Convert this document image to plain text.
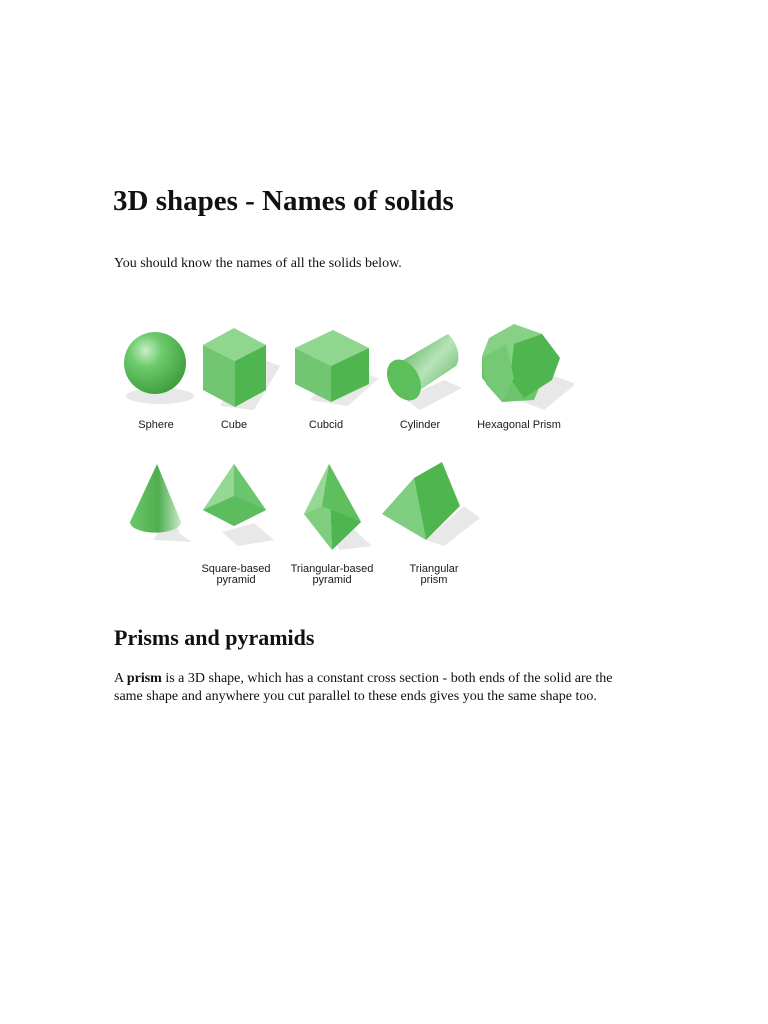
3D shapes - Names of solids

You should know the names of all the solids below.

Sphere	Cube	Cubcid	Cylinder	Hexagonal Prism
Square-based
pyramid
Triangular-based
pyramid
Triangular
prism
Prisms and pyramids

A prism is a 3D shape, which has a constant cross section - both ends of the solid are the
same shape and anywhere you cut parallel to these ends gives you the same shape too.
